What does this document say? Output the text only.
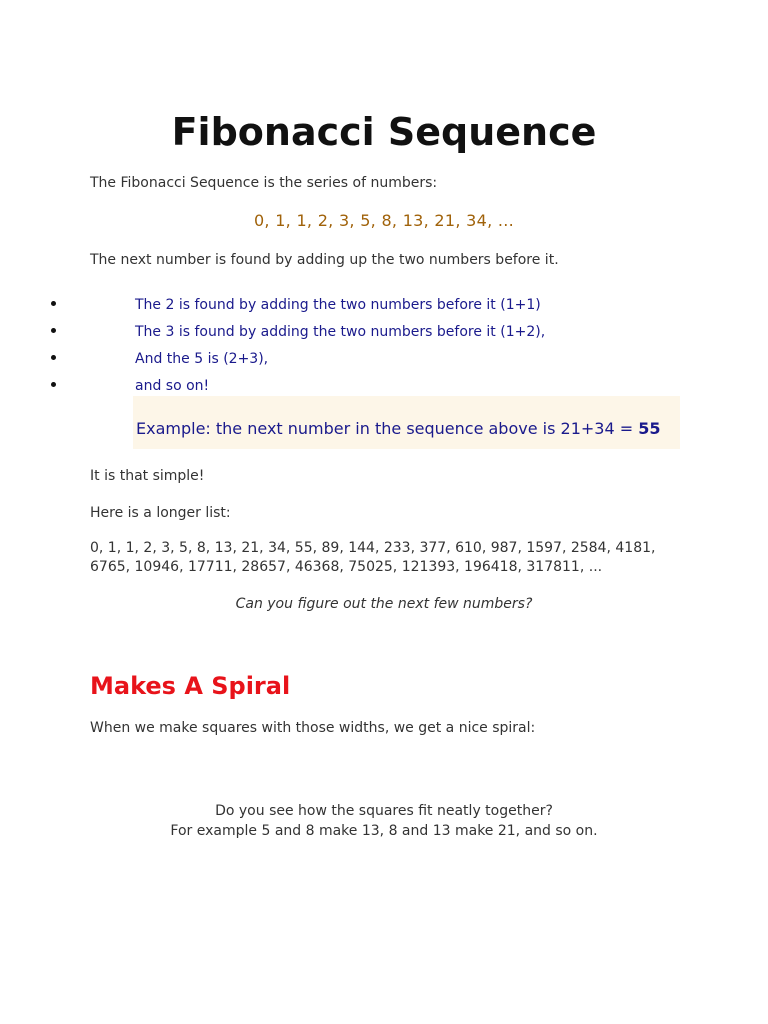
Fibonacci Sequence

The Fibonacci Sequence is the series of numbers:

0, 1, 1, 2, 3, 5, 8, 13, 21, 34, ...

The next number is found by adding up the two numbers before it.

The 2 is found by adding the two numbers before it (1+1)
The 3 is found by adding the two numbers before it (1+2),
And the 5 is (2+3),
and so on!

Example: the next number in the sequence above is 21+34 = 55

It is that simple!

Here is a longer list:

0, 1, 1, 2, 3, 5, 8, 13, 21, 34, 55, 89, 144, 233, 377, 610, 987, 1597, 2584, 4181, 6765, 10946, 17711, 28657, 46368, 75025, 121393, 196418, 317811, ...

Can you figure out the next few numbers?

Makes A Spiral

When we make squares with those widths, we get a nice spiral:

Do you see how the squares fit neatly together?

For example 5 and 8 make 13, 8 and 13 make 21, and so on.
